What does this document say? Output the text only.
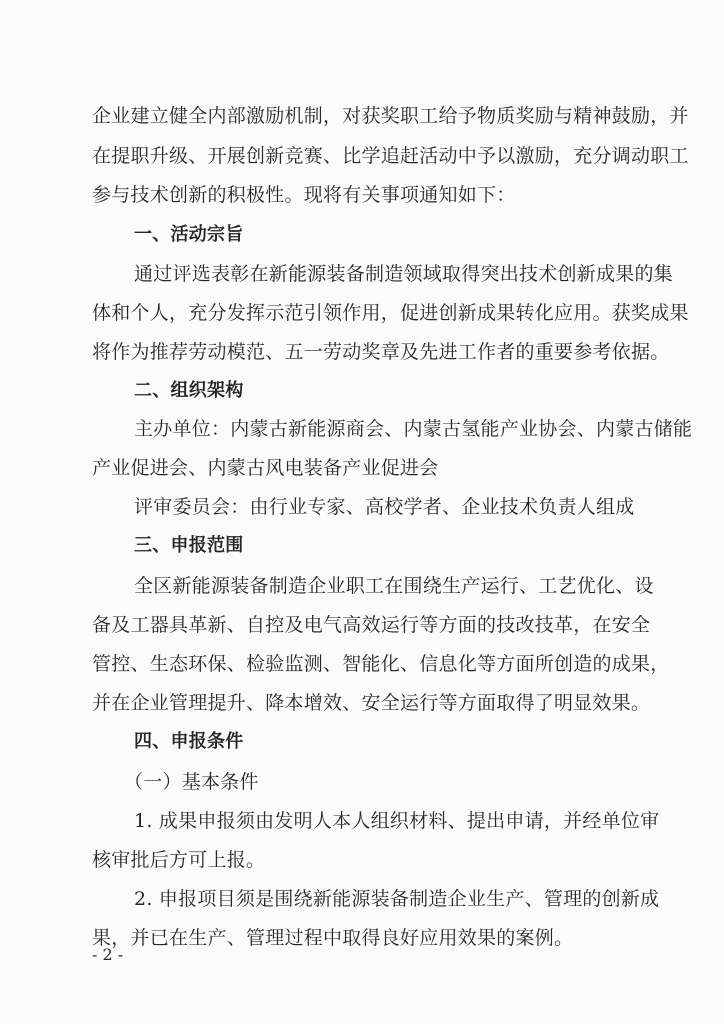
企业建立健全内部激励机制，对获奖职工给予物质奖励与精神鼓励，并
在提职升级、开展创新竞赛、比学追赶活动中予以激励，充分调动职工
参与技术创新的积极性。现将有关事项通知如下：
一、活动宗旨
通过评选表彰在新能源装备制造领域取得突出技术创新成果的集
体和个人，充分发挥示范引领作用，促进创新成果转化应用。获奖成果
将作为推荐劳动模范、五一劳动奖章及先进工作者的重要参考依据。
二、组织架构
主办单位：内蒙古新能源商会、内蒙古氢能产业协会、内蒙古储能
产业促进会、内蒙古风电装备产业促进会
评审委员会：由行业专家、高校学者、企业技术负责人组成
三、申报范围
全区新能源装备制造企业职工在围绕生产运行、工艺优化、设
备及工器具革新、自控及电气高效运行等方面的技改技革，在安全
管控、生态环保、检验监测、智能化、信息化等方面所创造的成果，
并在企业管理提升、降本增效、安全运行等方面取得了明显效果。
四、申报条件
（一）基本条件
1. 成果申报须由发明人本人组织材料、提出申请，并经单位审
核审批后方可上报。
2. 申报项目须是围绕新能源装备制造企业生产、管理的创新成
果，并已在生产、管理过程中取得良好应用效果的案例。
- 2 -
